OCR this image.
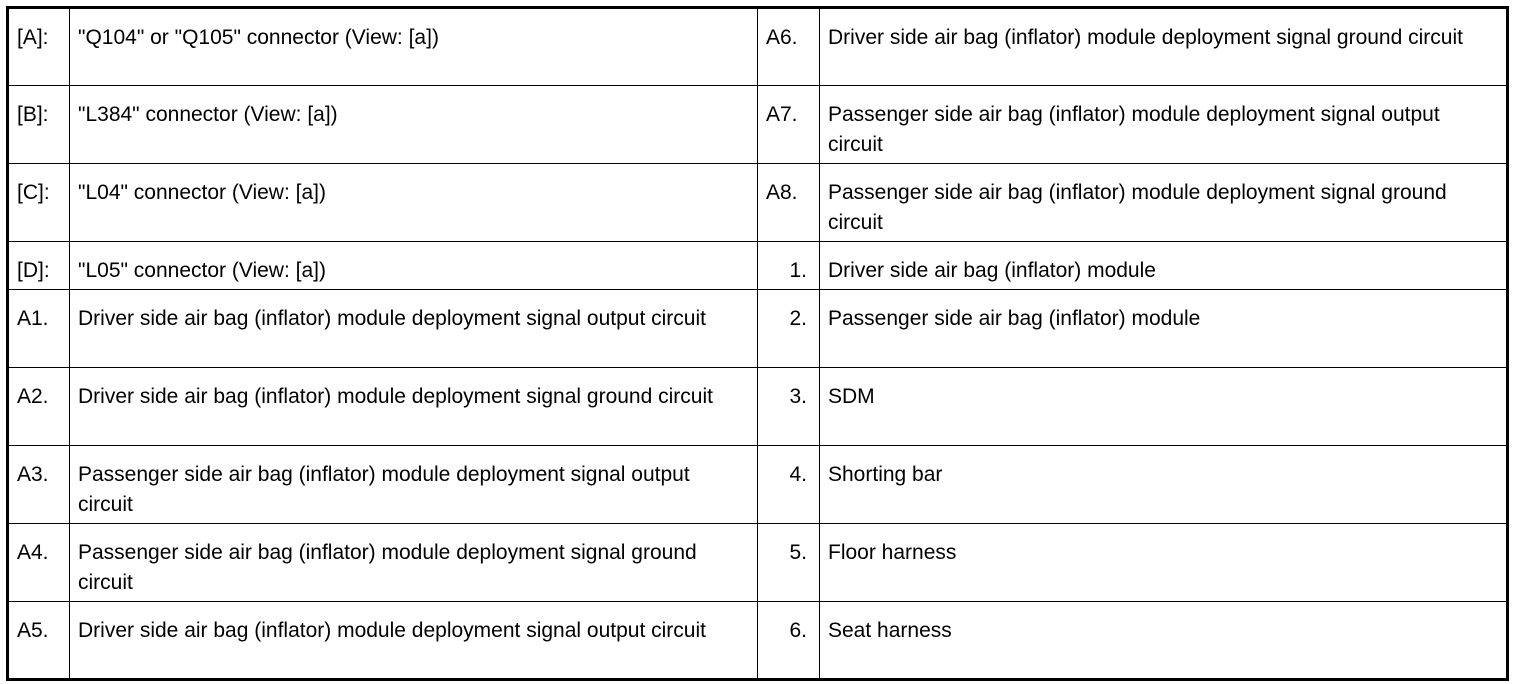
[A]:	"Q104" or "Q105" connector (View: [a])	A6.	Driver side air bag (inflator) module deployment signal ground circuit
[B]:	"L384" connector (View: [a])	A7.	Passenger side air bag (inflator) module deployment signal output circuit
[C]:	"L04" connector (View: [a])	A8.	Passenger side air bag (inflator) module deployment signal ground circuit
[D]:	"L05" connector (View: [a])	1.	Driver side air bag (inflator) module
A1.	Driver side air bag (inflator) module deployment signal output circuit	2.	Passenger side air bag (inflator) module
A2.	Driver side air bag (inflator) module deployment signal ground circuit	3.	SDM
A3.	Passenger side air bag (inflator) module deployment signal output circuit	4.	Shorting bar
A4.	Passenger side air bag (inflator) module deployment signal ground circuit	5.	Floor harness
A5.	Driver side air bag (inflator) module deployment signal output circuit	6.	Seat harness
